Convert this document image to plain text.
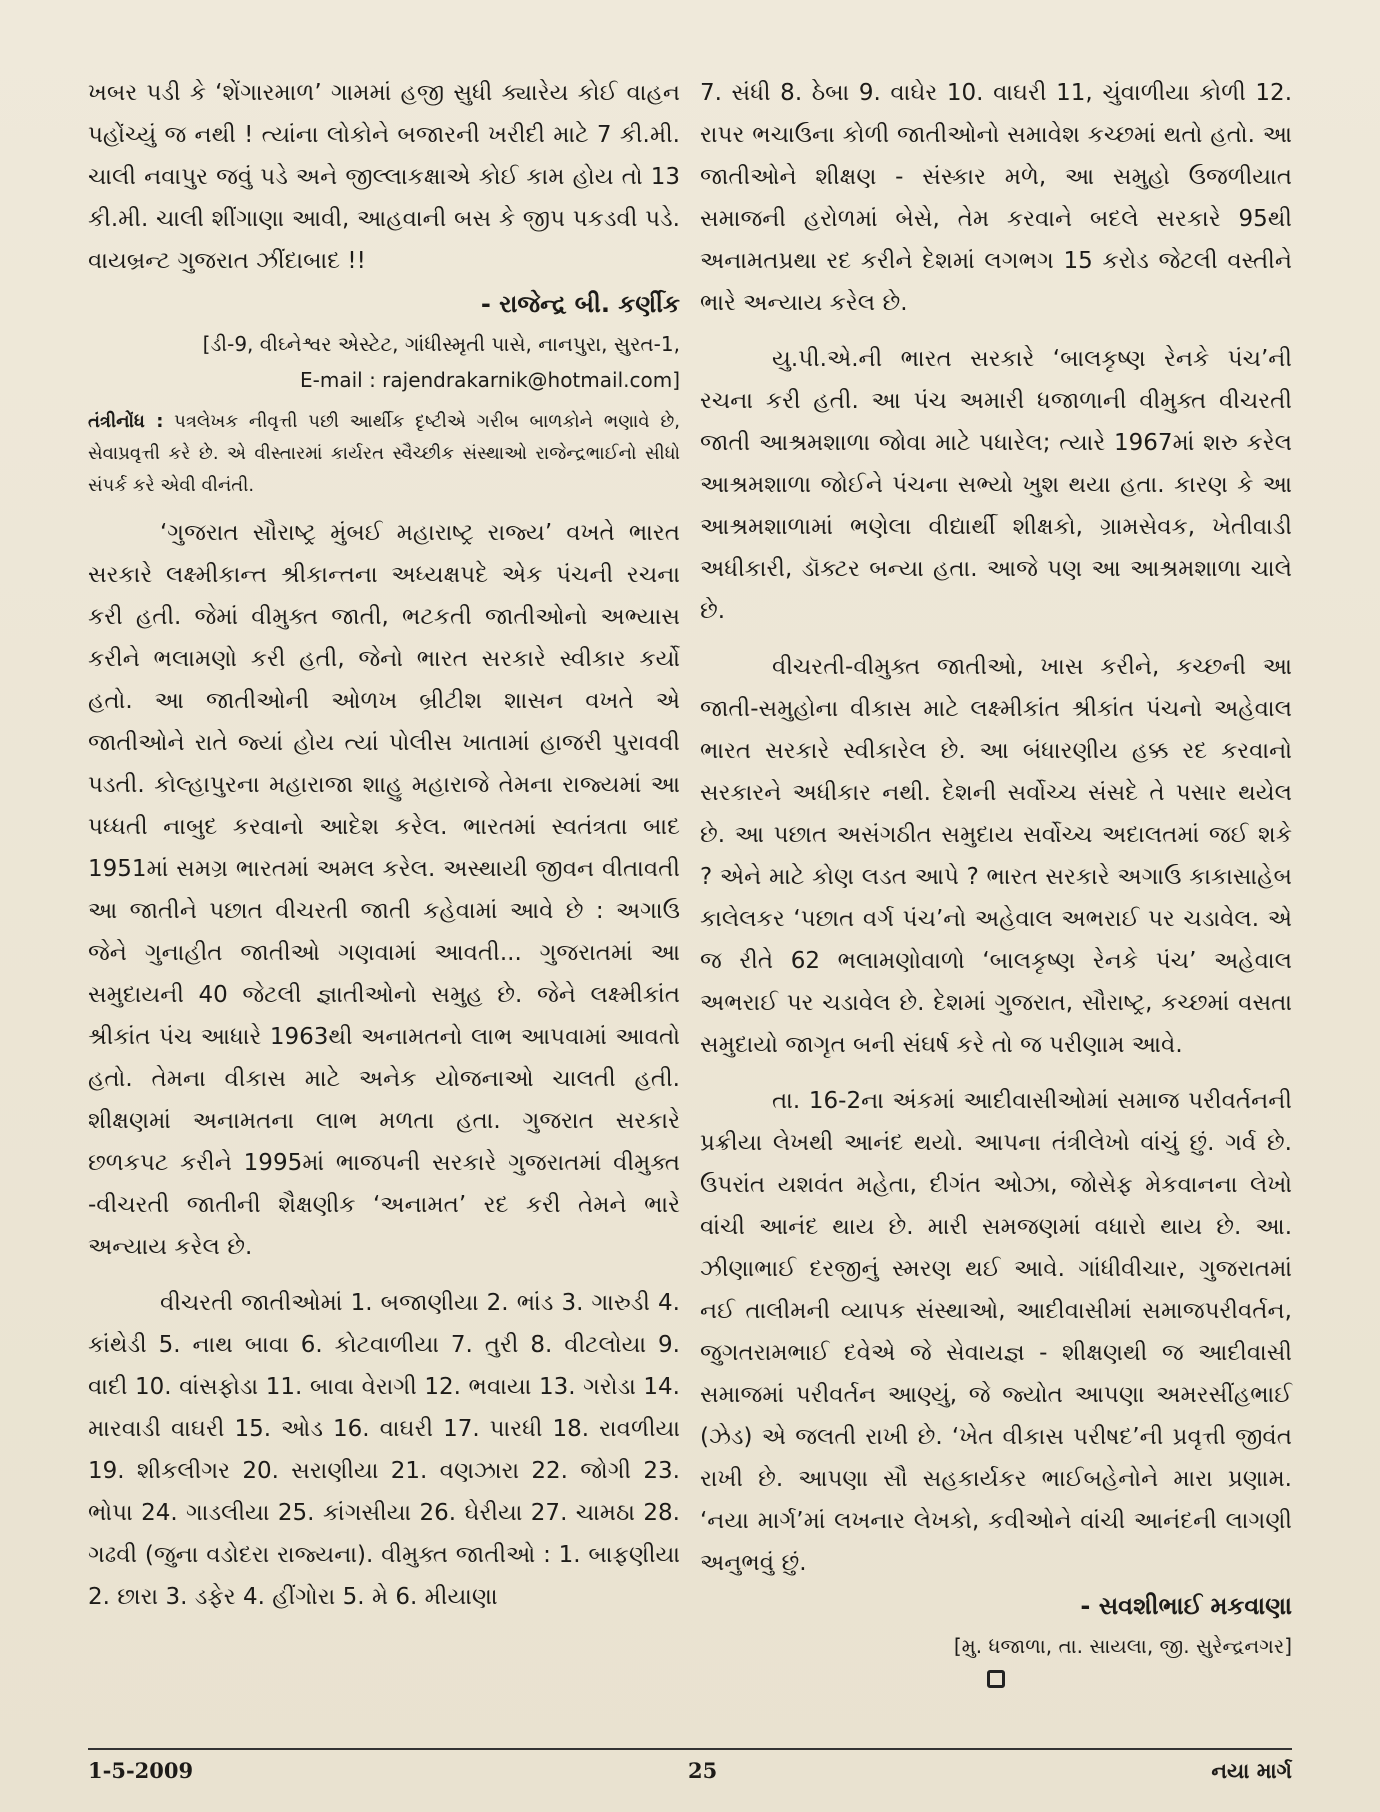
ખબર પડી કે ‘શેંગારમાળ’ ગામમાં હજી સુધી ક્યારેય કોઈ વાહન પહોંચ્યું જ નથી ! ત્યાંના લોકોને બજારની ખરીદી માટે 7 કી.મી. ચાલી નવાપુર જવું પડે અને જીલ્લાકક્ષાએ કોઈ કામ હોય તો 13 કી.મી. ચાલી શીંગાણા આવી, આહવાની બસ કે જીપ પકડવી પડે. વાયબ્રન્ટ ગુજરાત ઝીંદાબાદ !!

- રાજેન્દ્ર બી. કર્ણીક

[ડી-9, વીઘ્નેશ્વર એસ્ટેટ, ગાંધીસ્મૃતી પાસે, નાનપુરા, સુરત-1,

E-mail : rajendrakarnik@hotmail.com]

તંત્રીનોંધ : પત્રલેખક નીવૃત્તી પછી આર્થીક દૃષ્ટીએ ગરીબ બાળકોને ભણાવે છે, સેવાપ્રવૃત્તી કરે છે. એ વીસ્તારમાં કાર્યરત સ્વૈચ્છીક સંસ્થાઓ રાજેન્દ્રભાઈનો સીધો સંપર્ક કરે એવી વીનંતી.

‘ગુજરાત સૌરાષ્ટ્ર મુંબઈ મહારાષ્ટ્ર રાજ્ય’ વખતે ભારત સરકારે લક્ષ્મીકાન્ત શ્રીકાન્તના અધ્યક્ષપદે એક પંચની રચના કરી હતી. જેમાં વીમુક્ત જાતી, ભટકતી જાતીઓનો અભ્યાસ કરીને ભલામણો કરી હતી, જેનો ભારત સરકારે સ્વીકાર કર્યો હતો. આ જાતીઓની ઓળખ બ્રીટીશ શાસન વખતે એ જાતીઓને રાતે જ્યાં હોય ત્યાં પોલીસ ખાતામાં હાજરી પુરાવવી પડતી. કોલ્હાપુરના મહારાજા શાહુ મહારાજે તેમના રાજ્યમાં આ પધ્ધતી નાબુદ કરવાનો આદેશ કરેલ. ભારતમાં સ્વતંત્રતા બાદ 1951માં સમગ્ર ભારતમાં અમલ કરેલ. અસ્થાયી જીવન વીતાવતી આ જાતીને પછાત વીચરતી જાતી કહેવામાં આવે છે : અગાઉ જેને ગુનાહીત જાતીઓ ગણવામાં આવતી... ગુજરાતમાં આ સમુદાયની 40 જેટલી જ્ઞાતીઓનો સમુહ છે. જેને લક્ષ્મીકાંત શ્રીકાંત પંચ આધારે 1963થી અનામતનો લાભ આપવામાં આવતો હતો. તેમના વીકાસ માટે અનેક યોજનાઓ ચાલતી હતી. શીક્ષણમાં અનામતના લાભ મળતા હતા. ગુજરાત સરકારે છળકપટ કરીને 1995માં ભાજપની સરકારે ગુજરાતમાં વીમુક્ત -વીચરતી જાતીની શૈક્ષણીક ‘અનામત’ રદ કરી તેમને ભારે અન્યાય કરેલ છે.

વીચરતી જાતીઓમાં 1. બજાણીયા 2. ભાંડ 3. ગારુડી 4. કાંથેડી 5. નાથ બાવા 6. કોટવાળીયા 7. તુરી 8. વીટલોયા 9. વાદી 10. વાંસફોડા 11. બાવા વેરાગી 12. ભવાયા 13. ગરોડા 14. મારવાડી વાઘરી 15. ઓડ 16. વાઘરી 17. પારધી 18. રાવળીયા 19. શીકલીગર 20. સરાણીયા 21. વણઝારા 22. જોગી 23. ભોપા 24. ગાડલીયા 25. કાંગસીયા 26. ઘેરીયા 27. ચામઠા 28. ગઢવી (જુના વડોદરા રાજ્યના). વીમુક્ત જાતીઓ : 1. બાફણીયા 2. છારા 3. ડફેર 4. હીંગોરા 5. મે 6. મીયાણા

7. સંધી 8. ઠેબા 9. વાઘેર 10. વાઘરી 11, ચુંવાળીયા કોળી 12. રાપર ભચાઉના કોળી જાતીઓનો સમાવેશ કચ્છમાં થતો હતો. આ જાતીઓને શીક્ષણ - સંસ્કાર મળે, આ સમુહો ઉજળીયાત સમાજની હરોળમાં બેસે, તેમ કરવાને બદલે સરકારે 95થી અનામતપ્રથા રદ કરીને દેશમાં લગભગ 15 કરોડ જેટલી વસ્તીને ભારે અન્યાય કરેલ છે.

યુ.પી.એ.ની ભારત સરકારે ‘બાલકૃષ્ણ રેનકે પંચ’ની રચના કરી હતી. આ પંચ અમારી ધજાળાની વીમુક્ત વીચરતી જાતી આશ્રમશાળા જોવા માટે પધારેલ; ત્યારે 1967માં શરુ કરેલ આશ્રમશાળા જોઈને પંચના સભ્યો ખુશ થયા હતા. કારણ કે આ આશ્રમશાળામાં ભણેલા વીદ્યાર્થી શીક્ષકો, ગ્રામસેવક, ખેતીવાડી અધીકારી, ડૉક્ટર બન્યા હતા. આજે પણ આ આશ્રમશાળા ચાલે છે.

વીચરતી-વીમુક્ત જાતીઓ, ખાસ કરીને, કચ્છની આ જાતી-સમુહોના વીકાસ માટે લક્ષ્મીકાંત શ્રીકાંત પંચનો અહેવાલ ભારત સરકારે સ્વીકારેલ છે. આ બંધારણીય હક્ક રદ કરવાનો સરકારને અધીકાર નથી. દેશની સર્વોચ્ચ સંસદે તે પસાર થયેલ છે. આ પછાત અસંગઠીત સમુદાય સર્વોચ્ચ અદાલતમાં જઈ શકે ? એને માટે કોણ લડત આપે ? ભારત સરકારે અગાઉ કાકાસાહેબ કાલેલકર ‘પછાત વર્ગ પંચ’નો અહેવાલ અભરાઈ પર ચડાવેલ. એ જ રીતે 62 ભલામણોવાળો ‘બાલકૃષ્ણ રેનકે પંચ’ અહેવાલ અભરાઈ પર ચડાવેલ છે. દેશમાં ગુજરાત, સૌરાષ્ટ્ર, કચ્છમાં વસતા સમુદાયો જાગૃત બની સંઘર્ષ કરે તો જ પરીણામ આવે.

તા. 16-2ના અંકમાં આદીવાસીઓમાં સમાજ પરીવર્તનની પ્રક્રીયા લેખથી આનંદ થયો. આપના તંત્રીલેખો વાંચું છું. ગર્વ છે. ઉપરાંત યશવંત મહેતા, દીગંત ઓઝા, જોસેફ મેકવાનના લેખો વાંચી આનંદ થાય છે. મારી સમજણમાં વધારો થાય છે. આ. ઝીણાભાઈ દરજીનું સ્મરણ થઈ આવે. ગાંધીવીચાર, ગુજરાતમાં નઈ તાલીમની વ્યાપક સંસ્થાઓ, આદીવાસીમાં સમાજપરીવર્તન, જુગતરામભાઈ દવેએ જે સેવાયજ્ઞ - શીક્ષણથી જ આદીવાસી સમાજમાં પરીવર્તન આણ્યું, જે જ્યોત આપણા અમરસીંહભાઈ (ઝેડ) એ જલતી રાખી છે. ‘ખેત વીકાસ પરીષદ’ની પ્રવૃત્તી જીવંત રાખી છે. આપણા સૌ સહકાર્યકર ભાઈબહેનોને મારા પ્રણામ. ‘નયા માર્ગ’માં લખનાર લેખકો, કવીઓને વાંચી આનંદની લાગણી અનુભવું છું.

- સવશીભાઈ મકવાણા

[મુ. ધજાળા, તા. સાયલા, જી. સુરેન્દ્રનગર]

1-5-2009	25	નયા માર્ગ
